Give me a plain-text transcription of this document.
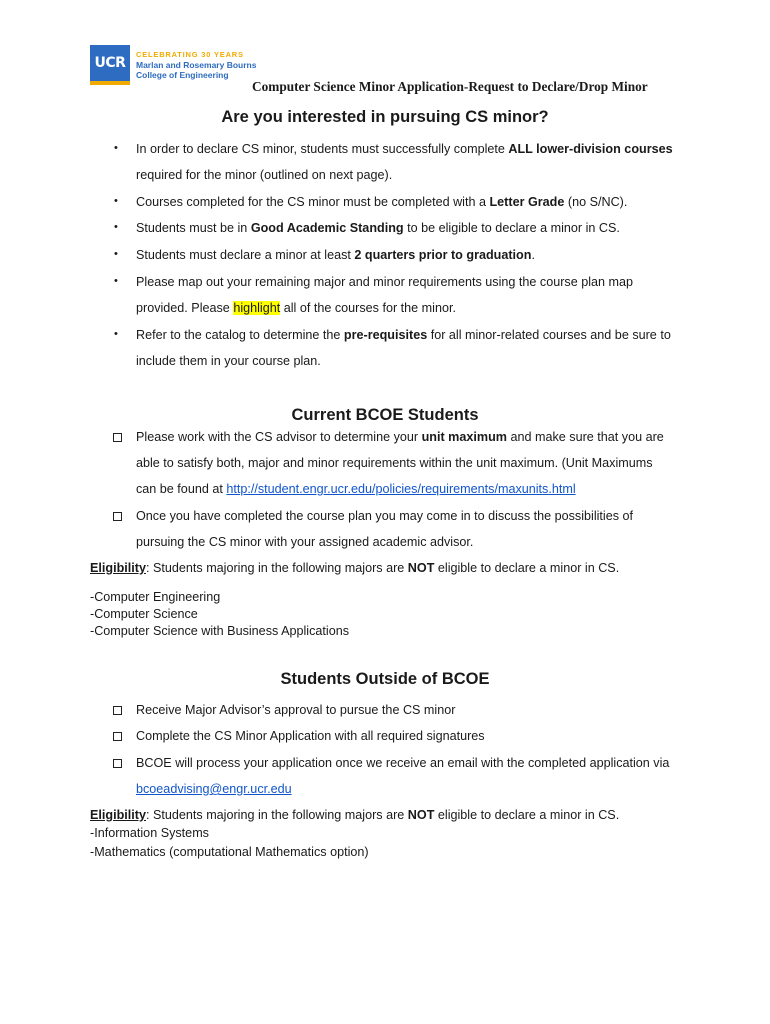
UCR
CELEBRATING 30 YEARS
Marlan and Rosemary Bourns
College of Engineering
Computer Science Minor Application-Request to Declare/Drop Minor
Are you interested in pursuing CS minor?
• In order to declare CS minor, students must successfully complete ALL lower-division courses
required for the minor (outlined on next page).
• Courses completed for the CS minor must be completed with a Letter Grade (no S/NC).
• Students must be in Good Academic Standing to be eligible to declare a minor in CS.
• Students must declare a minor at least 2 quarters prior to graduation.
• Please map out your remaining major and minor requirements using the course plan map
provided. Please highlight all of the courses for the minor.
• Refer to the catalog to determine the pre-requisites for all minor-related courses and be sure to
include them in your course plan.
Current BCOE Students
Please work with the CS advisor to determine your unit maximum and make sure that you are
able to satisfy both, major and minor requirements within the unit maximum. (Unit Maximums
can be found at http://student.engr.ucr.edu/policies/requirements/maxunits.html
Once you have completed the course plan you may come in to discuss the possibilities of
pursuing the CS minor with your assigned academic advisor.
Eligibility: Students majoring in the following majors are NOT eligible to declare a minor in CS.
-Computer Engineering
-Computer Science
-Computer Science with Business Applications
Students Outside of BCOE
Receive Major Advisor’s approval to pursue the CS minor
Complete the CS Minor Application with all required signatures
BCOE will process your application once we receive an email with the completed application via
bcoeadvising@engr.ucr.edu
Eligibility: Students majoring in the following majors are NOT eligible to declare a minor in CS.
-Information Systems
-Mathematics (computational Mathematics option)
